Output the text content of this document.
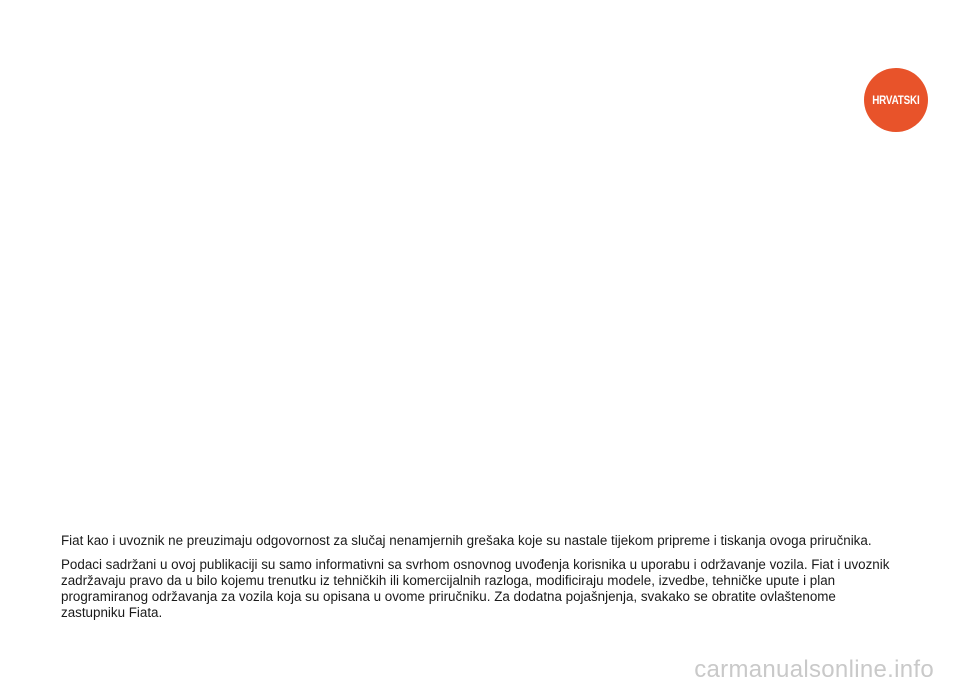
HRVATSKI

Fiat kao i uvoznik ne preuzimaju odgovornost za slučaj nenamjernih grešaka koje su nastale tijekom pripreme i tiskanja ovoga priručnika.

Podaci sadržani u ovoj publikaciji su samo informativni sa svrhom osnovnog uvođenja korisnika u uporabu i održavanje vozila. Fiat i uvoznik zadržavaju pravo da u bilo kojemu trenutku iz tehničkih ili komercijalnih razloga, modificiraju modele, izvedbe, tehničke upute i plan programiranog održavanja za vozila koja su opisana u ovome priručniku. Za dodatna pojašnjenja, svakako se obratite ovlaštenome zastupniku Fiata.

carmanualsonline.info
